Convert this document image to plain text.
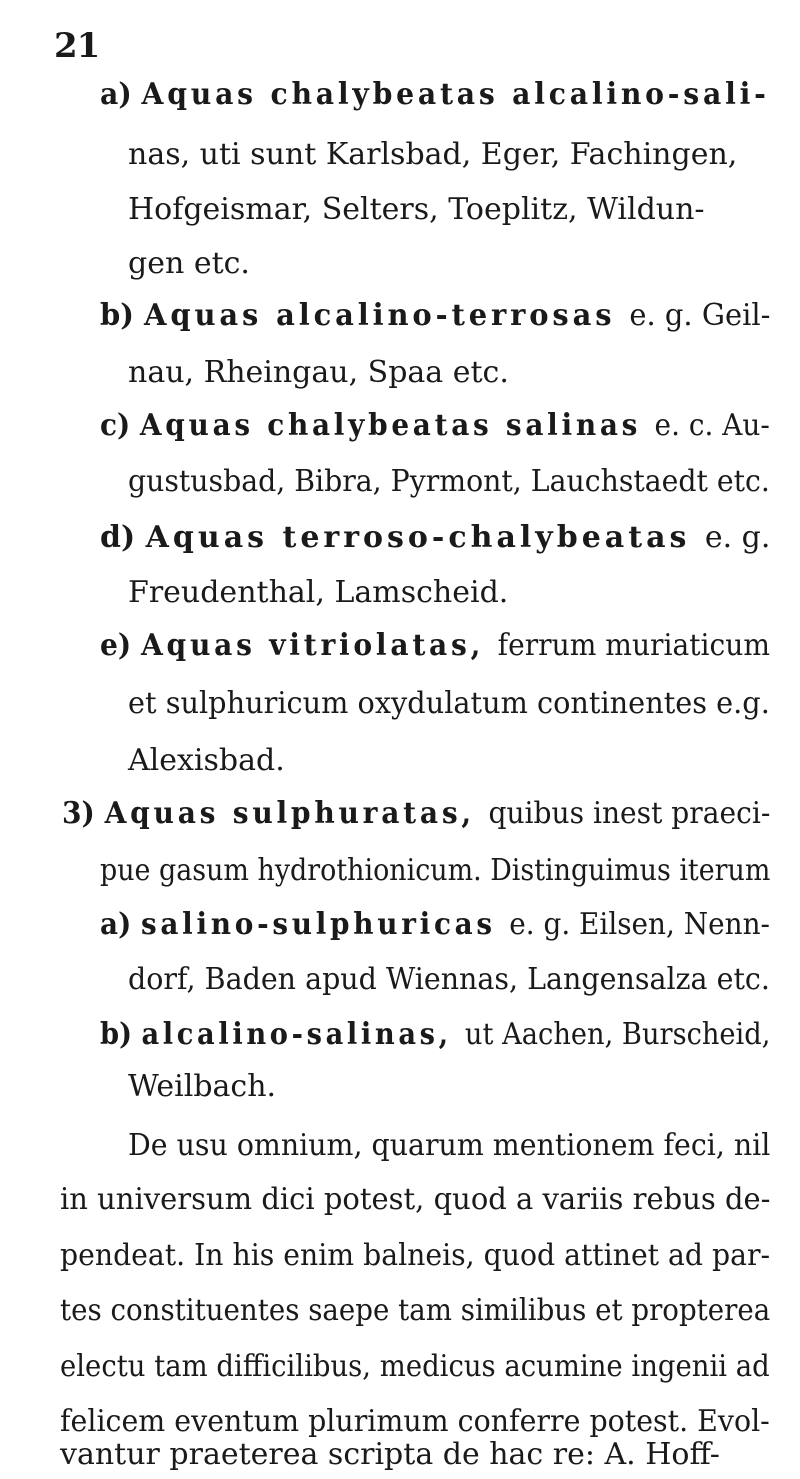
21
a) Aquas chalybeatas alcalino-sali-
nas, uti sunt Karlsbad, Eger, Fachingen,
Hofgeismar, Selters, Toeplitz, Wildun-
gen etc.
b) Aquas alcalino-terrosas e. g. Geil-
nau, Rheingau, Spaa etc.
c) Aquas chalybeatas salinas e. c. Au-
gustusbad, Bibra, Pyrmont, Lauchstaedt etc.
d) Aquas terroso-chalybeatas e. g.
Freudenthal, Lamscheid.
e) Aquas vitriolatas, ferrum muriaticum
et sulphuricum oxydulatum continentes e.g.
Alexisbad.
3) Aquas sulphuratas, quibus inest praeci-
pue gasum hydrothionicum. Distinguimus iterum
a) salino-sulphuricas e. g. Eilsen, Nenn-
dorf, Baden apud Wiennas, Langensalza etc.
b) alcalino-salinas, ut Aachen, Burscheid,
Weilbach.
De usu omnium, quarum mentionem feci, nil
in universum dici potest, quod a variis rebus de-
pendeat. In his enim balneis, quod attinet ad par-
tes constituentes saepe tam similibus et propterea
electu tam difficilibus, medicus acumine ingenii ad
felicem eventum plurimum conferre potest. Evol-
vantur praeterea scripta de hac re: A. Hoff-
